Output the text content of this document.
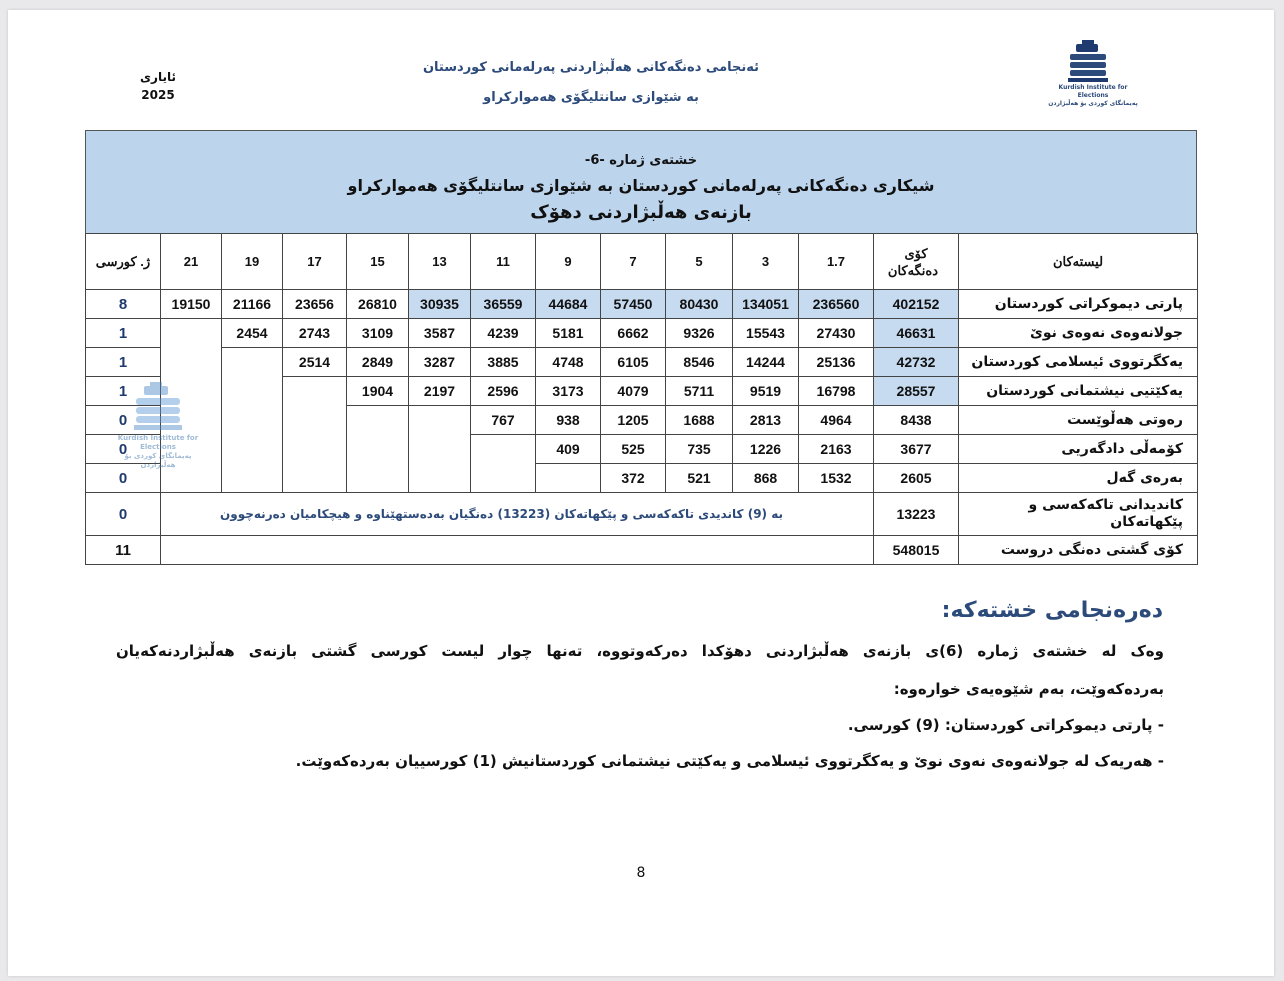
ئەنجامی دەنگەکانی هەڵبژاردنی پەرلەمانی کوردستان
بە شێوازی سانتلیگۆی هەموارکراو
ئایاری
2025
Kurdish Institute for Elections
پەیمانگای کوردی بۆ هەڵبژاردن
خشتەی ژمارە -6-
شیکاری دەنگەکانی پەرلەمانی کوردستان بە شێوازی سانتلیگۆی هەموارکراو
بازنەی هەڵبژاردنی دهۆک
ژ. کورسی	21	19	17	15	13	11	9	7	5	3	1.7	کۆی دەنگەکان	لیستەکان
8	19150	21166	23656	26810	30935	36559	44684	57450	80430	134051	236560	402152	پارتی دیموکراتی کوردستان
1		2454	2743	3109	3587	4239	5181	6662	9326	15543	27430	46631	جولانەوەی نەوەی نوێ
1			2514	2849	3287	3885	4748	6105	8546	14244	25136	42732	یەکگرتووی ئیسلامی کوردستان
1				1904	2197	2596	3173	4079	5711	9519	16798	28557	یەکێتیی نیشتمانی کوردستان
0						767	938	1205	1688	2813	4964	8438	رەوتی هەڵوێست
0							409	525	735	1226	2163	3677	کۆمەڵی دادگەریی
0								372	521	868	1532	2605	بەرەی گەل
0	بە (9) کاندیدی تاکەکەسی و پێکهاتەکان (13223) دەنگیان بەدەستهێناوە و هیچکامیان دەرنەچوون											13223	کاندیدانی تاکەکەسی و پێکهاتەکان
11												548015	کۆی گشتی دەنگی دروست
Kurdish Institute for Elections
پەیمانگای کوردی بۆ هەڵبژاردن
دەرەنجامی خشتەکە:
وەک لە خشتەی ژمارە (6)ی بازنەی هەڵبژاردنی دهۆکدا دەرکەوتووە، تەنها چوار لیست کورسی گشتی بازنەی هەڵبژاردنەکەیان
بەردەکەوێت، بەم شێوەیەی خوارەوە:
- پارتی دیموکراتی کوردستان: (9) کورسی.
- هەریەک لە جولانەوەی نەوی نوێ و یەکگرتووی ئیسلامی و یەکێتی نیشتمانی کوردستانیش (1) کورسییان بەردەکەوێت.
8
